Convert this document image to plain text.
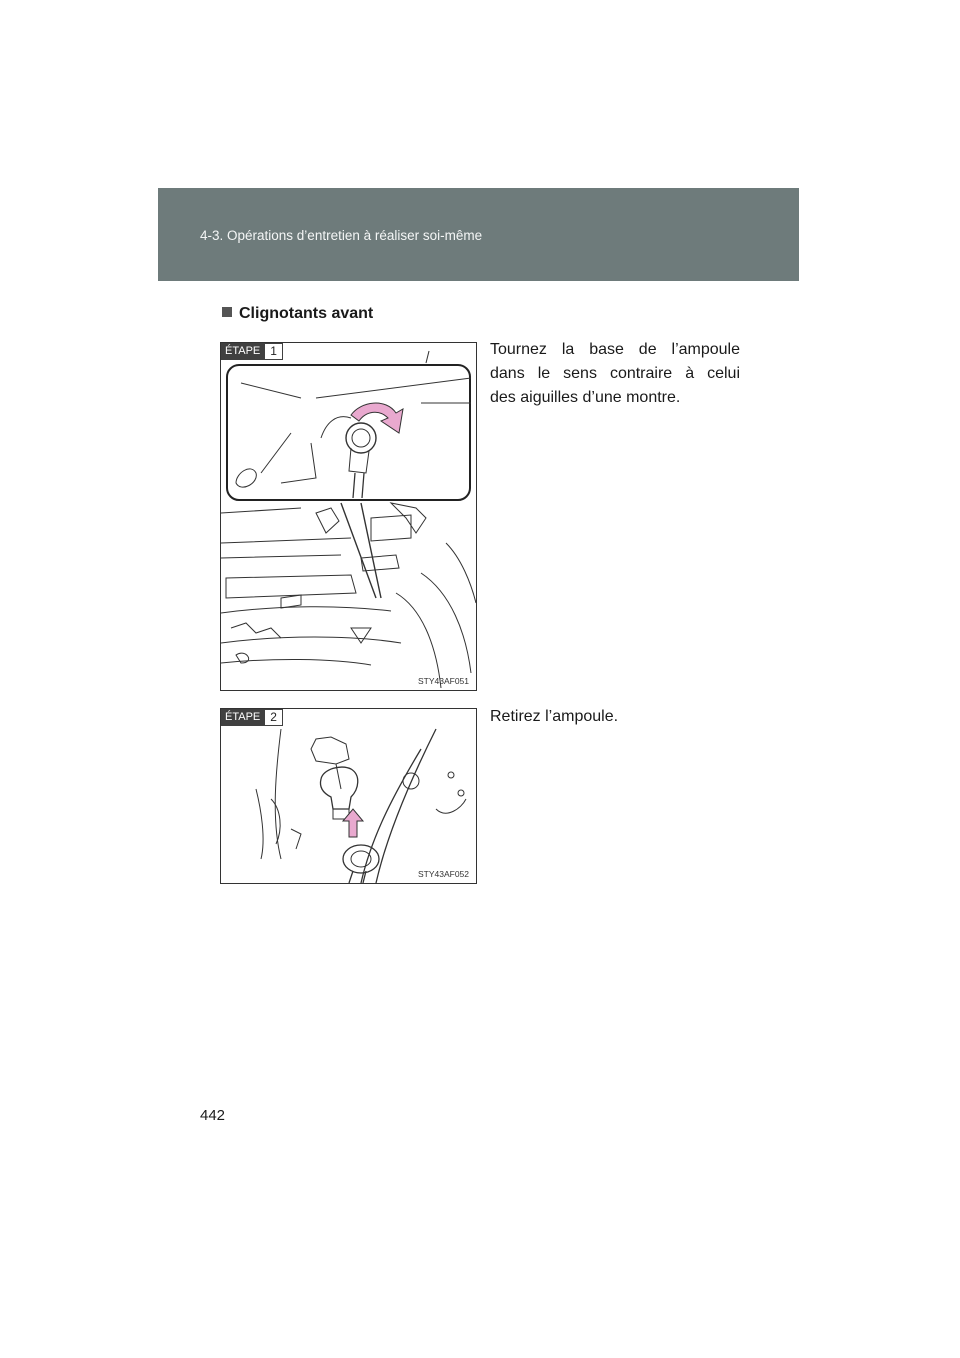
4-3. Opérations d’entretien à réaliser soi-même
Clignotants avant
ÉTAPE 1
STY43AF051
Tournez la base de l’ampoule
dans le sens contraire à celui
des aiguilles d’une montre.
ÉTAPE 2
STY43AF052
Retirez l’ampoule.
442
